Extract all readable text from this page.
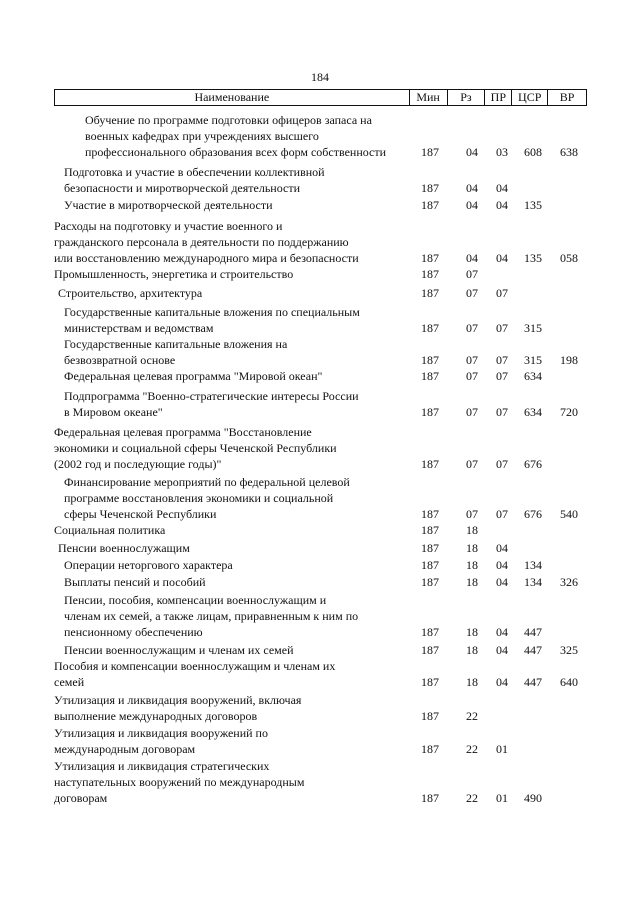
184
Наименование	Мин	Рз	ПР	ЦСР	ВР
Обучение по программе подготовки офицеров запаса на
военных кафедрах при учреждениях высшего
профессионального образования всех форм собственности	187 04 03 608 638
Подготовка и участие в обеспечении коллективной
безопасности и миротворческой деятельности	187 04 04
Участие в миротворческой деятельности	187 04 04 135
Расходы на подготовку и участие военного и
гражданского персонала в деятельности по поддержанию
или восстановлению международного мира и безопасности	187 04 04 135 058
Промышленность, энергетика и строительство	187 07
Строительство, архитектура	187 07 07
Государственные капитальные вложения по специальным
министерствам и ведомствам	187 07 07 315
Государственные капитальные вложения на
безвозвратной основе	187 07 07 315 198
Федеральная целевая программа "Мировой океан"	187 07 07 634
Подпрограмма "Военно-стратегические интересы России
в Мировом океане"	187 07 07 634 720
Федеральная целевая программа "Восстановление
экономики и социальной сферы Чеченской Республики
(2002 год и последующие годы)"	187 07 07 676
Финансирование мероприятий по федеральной целевой
программе восстановления экономики и социальной
сферы Чеченской Республики	187 07 07 676 540
Социальная политика	187 18
Пенсии военнослужащим	187 18 04
Операции неторгового характера	187 18 04 134
Выплаты пенсий и пособий	187 18 04 134 326
Пенсии, пособия, компенсации военнослужащим и
членам их семей, а также лицам, приравненным к ним по
пенсионному обеспечению	187 18 04 447
Пенсии военнослужащим и членам их семей	187 18 04 447 325
Пособия и компенсации военнослужащим и членам их
семей	187 18 04 447 640
Утилизация и ликвидация вооружений, включая
выполнение международных договоров	187 22
Утилизация и ликвидация вооружений по
международным договорам	187 22 01
Утилизация и ликвидация стратегических
наступательных вооружений по международным
договорам	187 22 01 490
